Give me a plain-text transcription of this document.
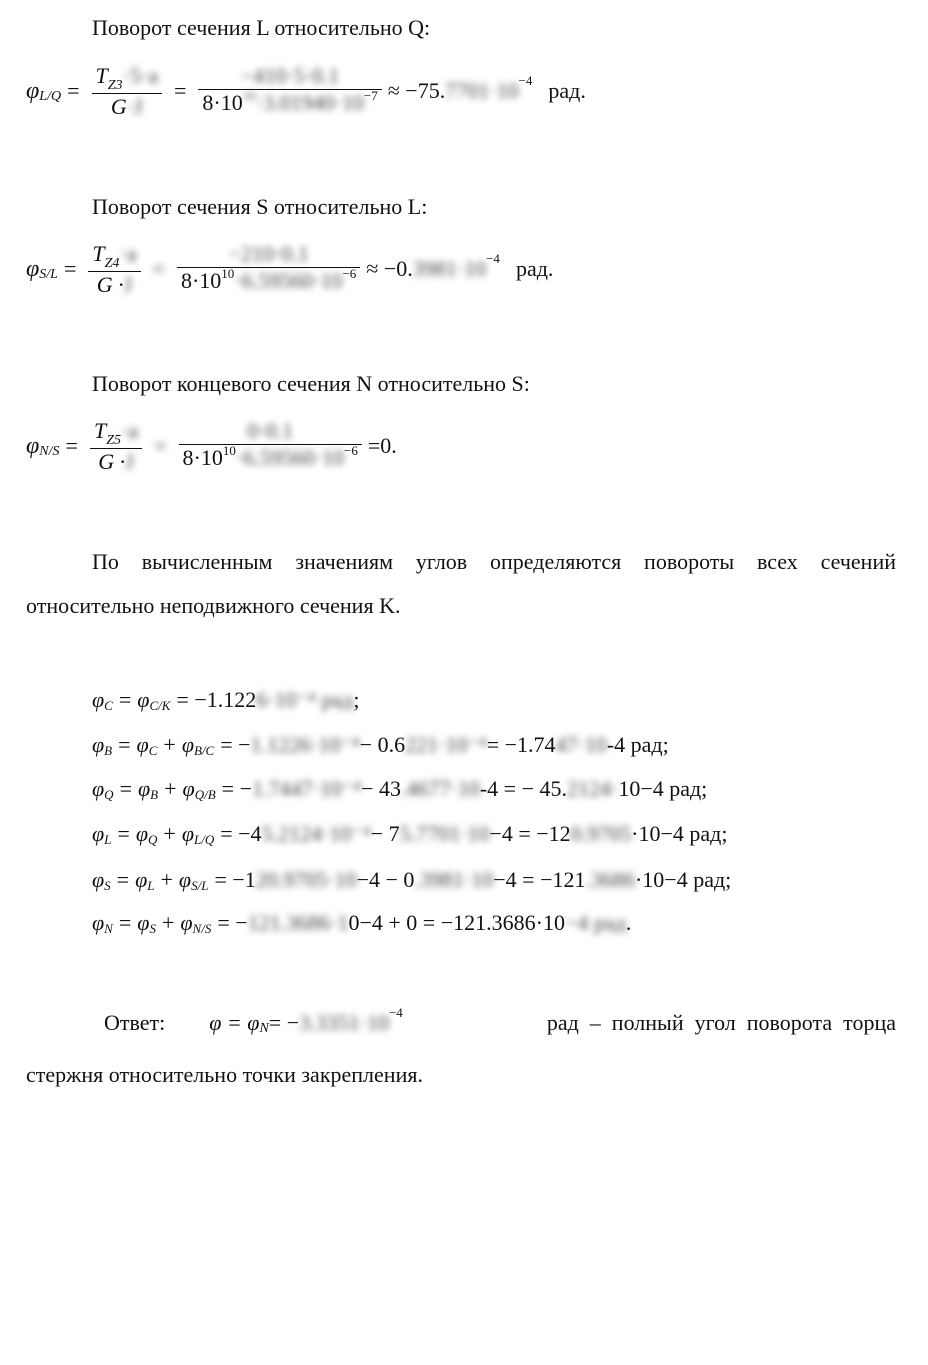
Поворот сечения L относительно Q:
φ $L/Q = \frac{T_{Z3}\cdot 5\cdot a}{G\cdot J} = \frac{-410\cdot 5\cdot 0.1}{8\cdot 10^{10}\cdot 3.01940\cdot 10^{-7}} \approx -75$. 7701·10 −4 рад.
Поворот сечения S относительно L:
φ $S/L = \frac{T_{Z4}\cdot a}{G \cdot J} = \frac{-210\cdot 0.1}{8\cdot 10^{10}\cdot 6.59560\cdot 10^{-6}} \approx -0$. 3981·10 −4 рад.
Поворот концевого сечения N относительно S:
φ $N/S = \frac{T_{Z5}\cdot a}{G \cdot J} = \frac{0\cdot 0.1}{8\cdot 10^{10}\cdot 6.59560\cdot 10^{-6}} =0$.
По вычисленным значениям углов определяются повороты всех сечений относительно неподвижного сечения K.
φ C = φ C/K = −1.122 6·10⁻⁴ рад ;
φ B = φ C + φ B/C = − 1.1226·10⁻⁴ − 0.6 221·10⁻⁴ = −1.74 47·10 -4 рад;
φ Q = φ B + φ Q/B = − 1.7447·10⁻⁴ − 43 .4677·10 -4 = − 45. 2124· 10−4 рад;
φ L = φ Q + φ L/Q = −4 5.2124·10⁻⁴ − 7 5.7701·10 −4 = −12 0.9705 ·10−4 рад;
φ S = φ L + φ S/L = −1 20.9705·10 −4 − 0 .3981·10 −4 = −121 .3686 ·10−4 рад;
φ N = φ S + φ N/S = − 121.3686·1 0−4 + 0 = −121. 3686·10 −4 рад .
Ответ: φ = φ N = − 3.3351·10 −4	рад  –  полный  угол  поворота  торца
стержня относительно точки закрепления.
